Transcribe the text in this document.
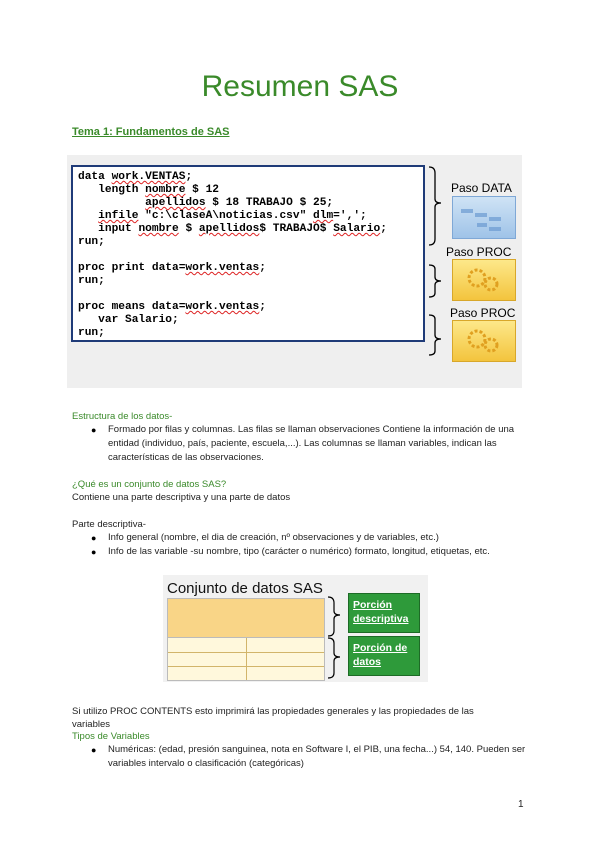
Resumen SAS
Tema 1: Fundamentos de SAS
data work.VENTAS;
length nombre $ 12
apellidos $ 18 TRABAJO $ 25;
infile "c:\claseA\noticias.csv" dlm=',';
input nombre $ apellidos$ TRABAJO$ Salario;
run;

proc print data=work.ventas;
run;

proc means data=work.ventas;
var Salario;
run;

Paso DATA
Paso PROC
Paso PROC
Estructura de los datos-
● Formado por filas y columnas. Las filas se llaman observaciones Contiene la información de una entidad (individuo, país, paciente, escuela,...). Las columnas se llaman variables, indican las características de las observaciones.
¿Qué es un conjunto de datos SAS?
Contiene una parte descriptiva y una parte de datos
Parte descriptiva-
● Info general (nombre, el dia de creación, nº observaciones y de variables, etc.)
● Info de las variable -su nombre, tipo (carácter o numérico) formato, longitud, etiquetas, etc.
Conjunto de datos SAS
Porción descriptiva
Porción de datos
Si utilizo PROC CONTENTS esto imprimirá las propiedades generales y las propiedades de las variables
Tipos de Variables
● Numéricas: (edad, presión sanguinea, nota en Software I, el PIB, una fecha...) 54, 140. Pueden ser variables intervalo o clasificación (categóricas)
1
